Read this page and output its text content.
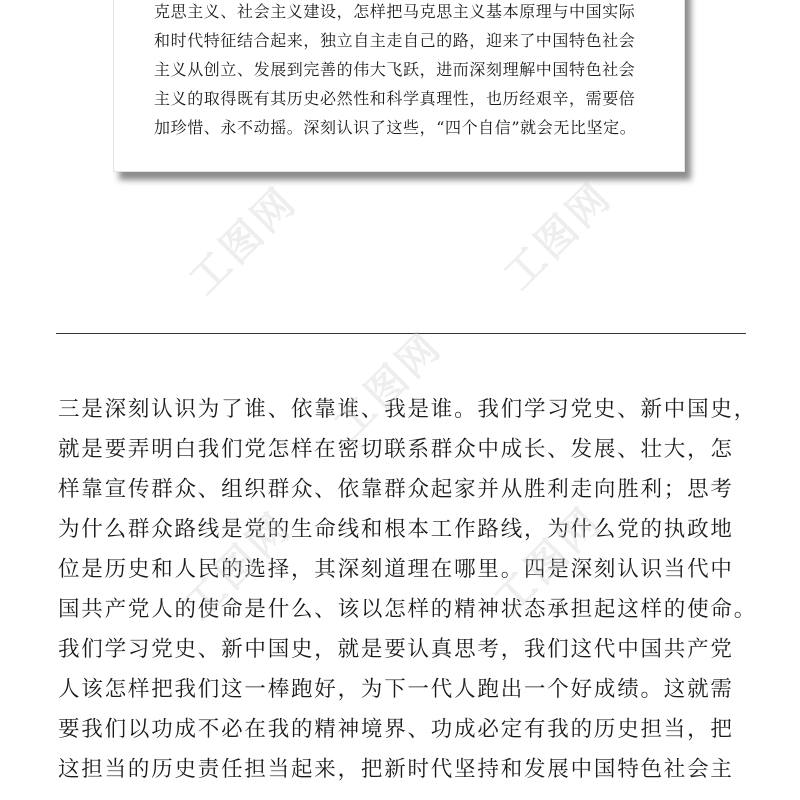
克思主义、社会主义建设，怎样把马克思主义基本原理与中国实际
和时代特征结合起来，独立自主走自己的路，迎来了中国特色社会
主义从创立、发展到完善的伟大飞跃，进而深刻理解中国特色社会
主义的取得既有其历史必然性和科学真理性，也历经艰辛，需要倍
加珍惜、永不动摇。深刻认识了这些，“四个自信”就会无比坚定。
三是深刻认识为了谁、依靠谁、我是谁。我们学习党史、新中国史，
就是要弄明白我们党怎样在密切联系群众中成长、发展、壮大，怎
样靠宣传群众、组织群众、依靠群众起家并从胜利走向胜利；思考
为什么群众路线是党的生命线和根本工作路线，为什么党的执政地
位是历史和人民的选择，其深刻道理在哪里。四是深刻认识当代中
国共产党人的使命是什么、该以怎样的精神状态承担起这样的使命。
我们学习党史、新中国史，就是要认真思考，我们这代中国共产党
人该怎样把我们这一棒跑好，为下一代人跑出一个好成绩。这就需
要我们以功成不必在我的精神境界、功成必定有我的历史担当，把
这担当的历史责任担当起来，把新时代坚持和发展中国特色社会主
工图网	工图网
工图网
工图网	工图网
